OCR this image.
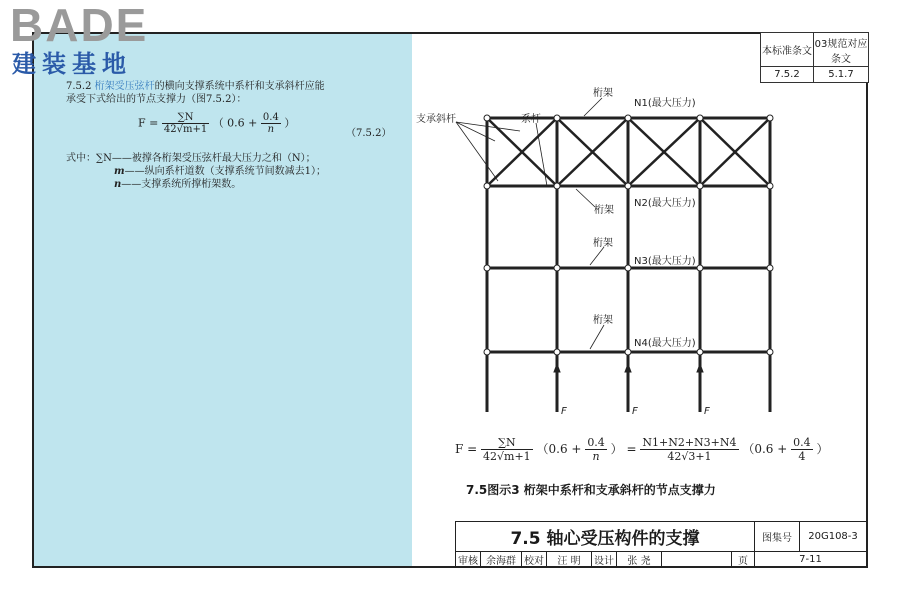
BADE
建装基地	本标准条文	03规范对应条文
7.5.2	5.1.7
7.5.2 桁架受压弦杆的横向支撑系统中系杆和支承斜杆应能
承受下式给出的节点支撑力（图7.5.2）：
$F = \frac{\sum N}{42√m+1}$ （ $0.6 + \frac{0.4}{n}$ ）
（7.5.2）
式中：∑N——被撑各桁架受压弦杆最大压力之和（N）；
m——纵向系杆道数（支撑系统节间数减去1）；
n——支撑系统所撑桁架数。
桁架
N1(最大压力)
支承斜杆	系杆
桁架
N2(最大压力)
桁架
N3(最大压力)
桁架
N4(最大压力)
F	F	F
$F = \frac{\sum N}{42√m+1} (0.6 + \frac{0.4}{n}$ ） = $\frac{N1+N2+N3+N4}{42√3+1} (0.6 + \frac{0.4}{4}$ ）
7.5图示3 桁架中系杆和支承斜杆的节点支撑力
7.5 轴心受压构件的支撑								图集号	20G108-3
审核	余海群	校对	汪 明	设计	张 尧		页	7-11	
